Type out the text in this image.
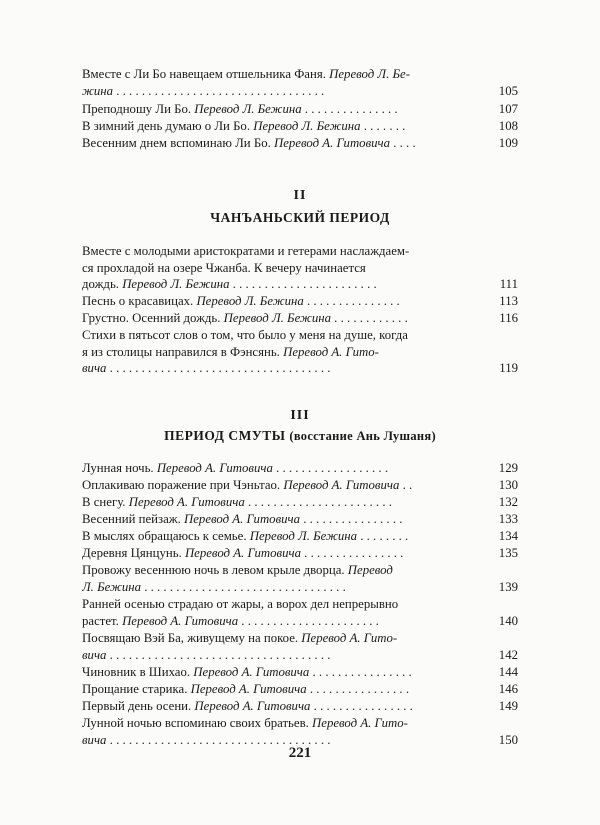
Вместе с Ли Бо навещаем отшельника Фаня. Перевод Л. Бе-
жина . . . . . . . . . . . . . . . . . . . . . . . . . . . . . . . . .	105
Преподношу Ли Бо. Перевод Л. Бежина . . . . . . . . . . . . . . .	107
В зимний день думаю о Ли Бо. Перевод Л. Бежина . . . . . . .	108
Весенним днем вспоминаю Ли Бо. Перевод А. Гитовича . . . .	109
II
ЧАНЪАНЬСКИЙ ПЕРИОД
Вместе с молодыми аристократами и гетерами наслаждаем-
ся прохладой на озере Чжанба. К вечеру начинается
дождь. Перевод Л. Бежина . . . . . . . . . . . . . . . . . . . . . . .	111
Песнь о красавицах. Перевод Л. Бежина . . . . . . . . . . . . . . .	113
Грустно. Осенний дождь. Перевод Л. Бежина . . . . . . . . . . . .	116
Стихи в пятьсот слов о том, что было у меня на душе, когда
я из столицы направился в Фэнсянь. Перевод А. Гито-
вича . . . . . . . . . . . . . . . . . . . . . . . . . . . . . . . . . . .	119
III
ПЕРИОД СМУТЫ (восстание Ань Лушаня)
Лунная ночь. Перевод А. Гитовича . . . . . . . . . . . . . . . . . .	129
Оплакиваю поражение при Чэньтао. Перевод А. Гитовича . .	130
В снегу. Перевод А. Гитовича . . . . . . . . . . . . . . . . . . . . . . .	132
Весенний пейзаж. Перевод А. Гитовича . . . . . . . . . . . . . . . .	133
В мыслях обращаюсь к семье. Перевод Л. Бежина . . . . . . . .	134
Деревня Цянцунь. Перевод А. Гитовича . . . . . . . . . . . . . . . .	135
Провожу весеннюю ночь в левом крыле дворца. Перевод
Л. Бежина . . . . . . . . . . . . . . . . . . . . . . . . . . . . . . . .	139
Ранней осенью страдаю от жары, а ворох дел непрерывно
растет. Перевод А. Гитовича . . . . . . . . . . . . . . . . . . . . . .	140
Посвящаю Вэй Ба, живущему на покое. Перевод А. Гито-
вича . . . . . . . . . . . . . . . . . . . . . . . . . . . . . . . . . . .	142
Чиновник в Шихао. Перевод А. Гитовича . . . . . . . . . . . . . . . .	144
Прощание старика. Перевод А. Гитовича . . . . . . . . . . . . . . . .	146
Первый день осени. Перевод А. Гитовича . . . . . . . . . . . . . . . .	149
Лунной ночью вспоминаю своих братьев. Перевод А. Гито-
вича . . . . . . . . . . . . . . . . . . . . . . . . . . . . . . . . . . .	150
221
